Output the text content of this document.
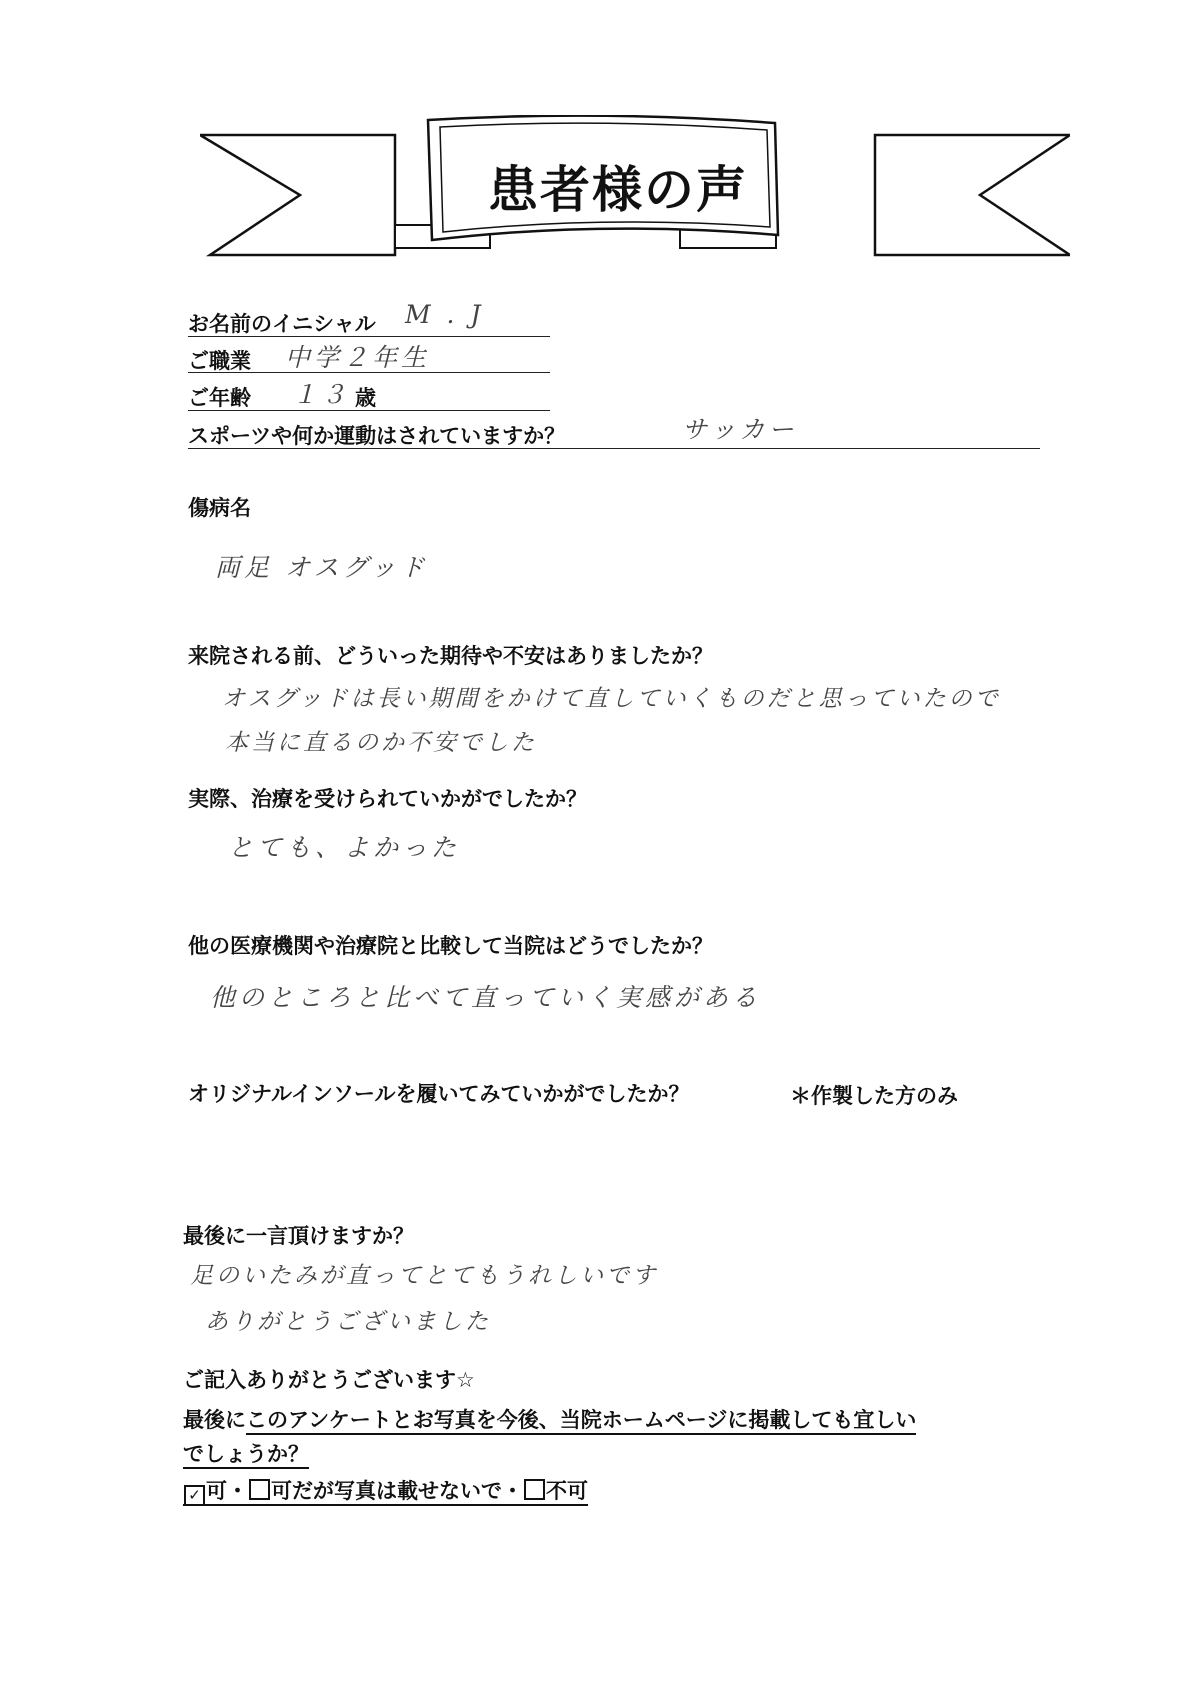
患者様の声
お名前のイニシャル M . J
ご職業 中学２年生
ご年齢 １３ 歳
スポーツや何か運動はされていますか？	サッカー
傷病名
両足 オスグッド
来院される前、どういった期待や不安はありましたか？
オスグッドは長い期間をかけて直していくものだと思っていたので
本当に直るのか不安でした
実際、治療を受けられていかがでしたか？
とても、よかった
他の医療機関や治療院と比較して当院はどうでしたか？
他のところと比べて直っていく実感がある
オリジナルインソールを履いてみていかがでしたか？	＊作製した方のみ
最後に一言頂けますか？
足のいたみが直ってとてもうれしいです
ありがとうございました
ご記入ありがとうございます☆
最後にこのアンケートとお写真を今後、当院ホームページに掲載しても宜しい
でしょうか？
✓ 可・ 可だが写真は載せないで・ 不可
